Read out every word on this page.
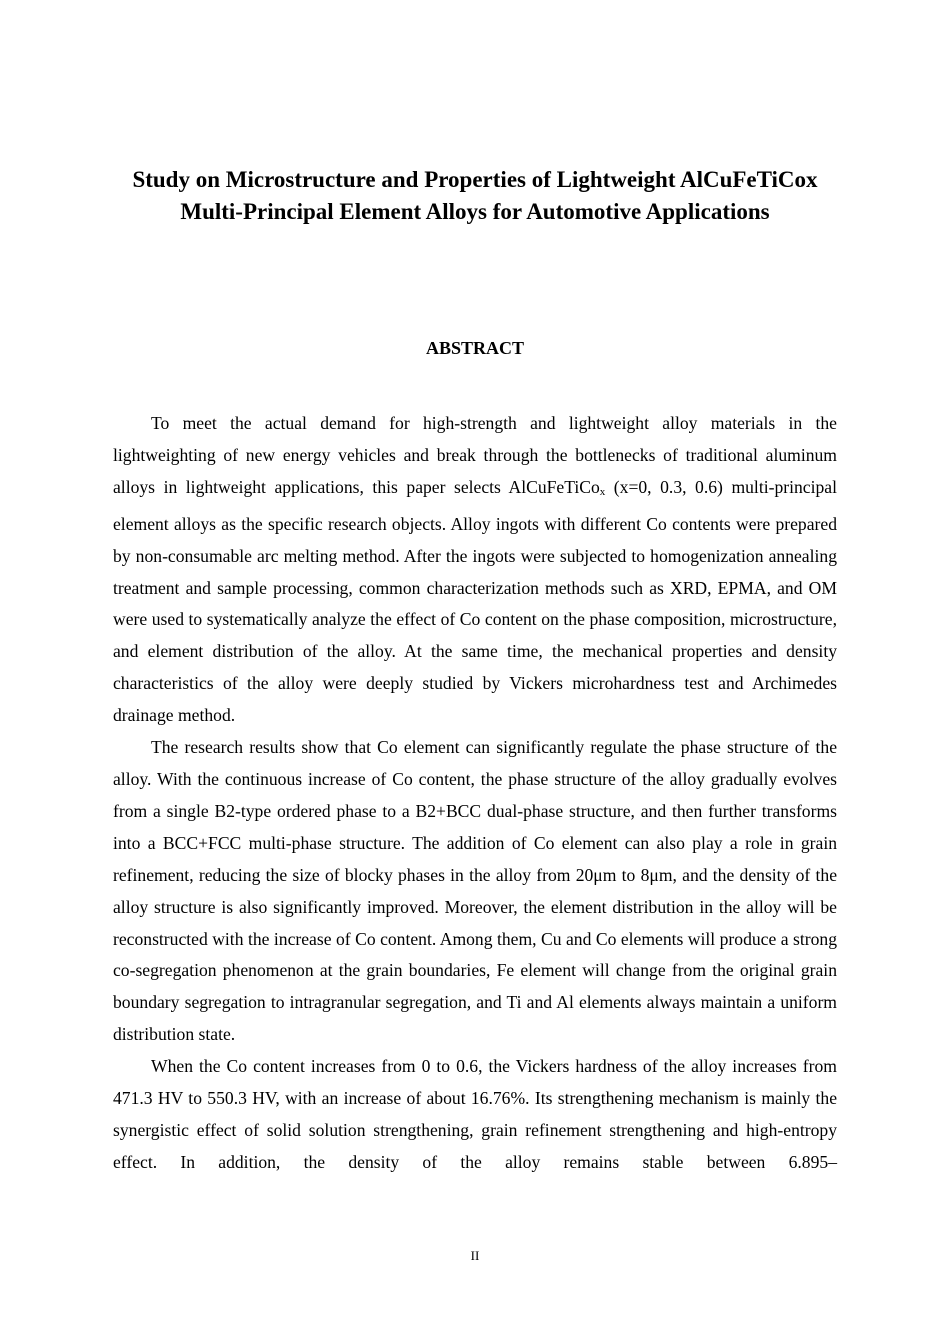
Study on Microstructure and Properties of Lightweight AlCuFeTiCox Multi-Principal Element Alloys for Automotive Applications
ABSTRACT

To meet the actual demand for high-strength and lightweight alloy materials in the lightweighting of new energy vehicles and break through the bottlenecks of traditional aluminum alloys in lightweight applications, this paper selects AlCuFeTiCox (x=0, 0.3, 0.6) multi-principal element alloys as the specific research objects. Alloy ingots with different Co contents were prepared by non-consumable arc melting method. After the ingots were subjected to homogenization annealing treatment and sample processing, common characterization methods such as XRD, EPMA, and OM were used to systematically analyze the effect of Co content on the phase composition, microstructure, and element distribution of the alloy. At the same time, the mechanical properties and density characteristics of the alloy were deeply studied by Vickers microhardness test and Archimedes drainage method.

The research results show that Co element can significantly regulate the phase structure of the alloy. With the continuous increase of Co content, the phase structure of the alloy gradually evolves from a single B2-type ordered phase to a B2+BCC dual-phase structure, and then further transforms into a BCC+FCC multi-phase structure. The addition of Co element can also play a role in grain refinement, reducing the size of blocky phases in the alloy from 20μm to 8μm, and the density of the alloy structure is also significantly improved. Moreover, the element distribution in the alloy will be reconstructed with the increase of Co content. Among them, Cu and Co elements will produce a strong co-segregation phenomenon at the grain boundaries, Fe element will change from the original grain boundary segregation to intragranular segregation, and Ti and Al elements always maintain a uniform distribution state.

When the Co content increases from 0 to 0.6, the Vickers hardness of the alloy increases from 471.3 HV to 550.3 HV, with an increase of about 16.76%. Its strengthening mechanism is mainly the synergistic effect of solid solution strengthening, grain refinement strengthening and high-entropy effect. In addition, the density of the alloy remains stable between 6.895–

II
